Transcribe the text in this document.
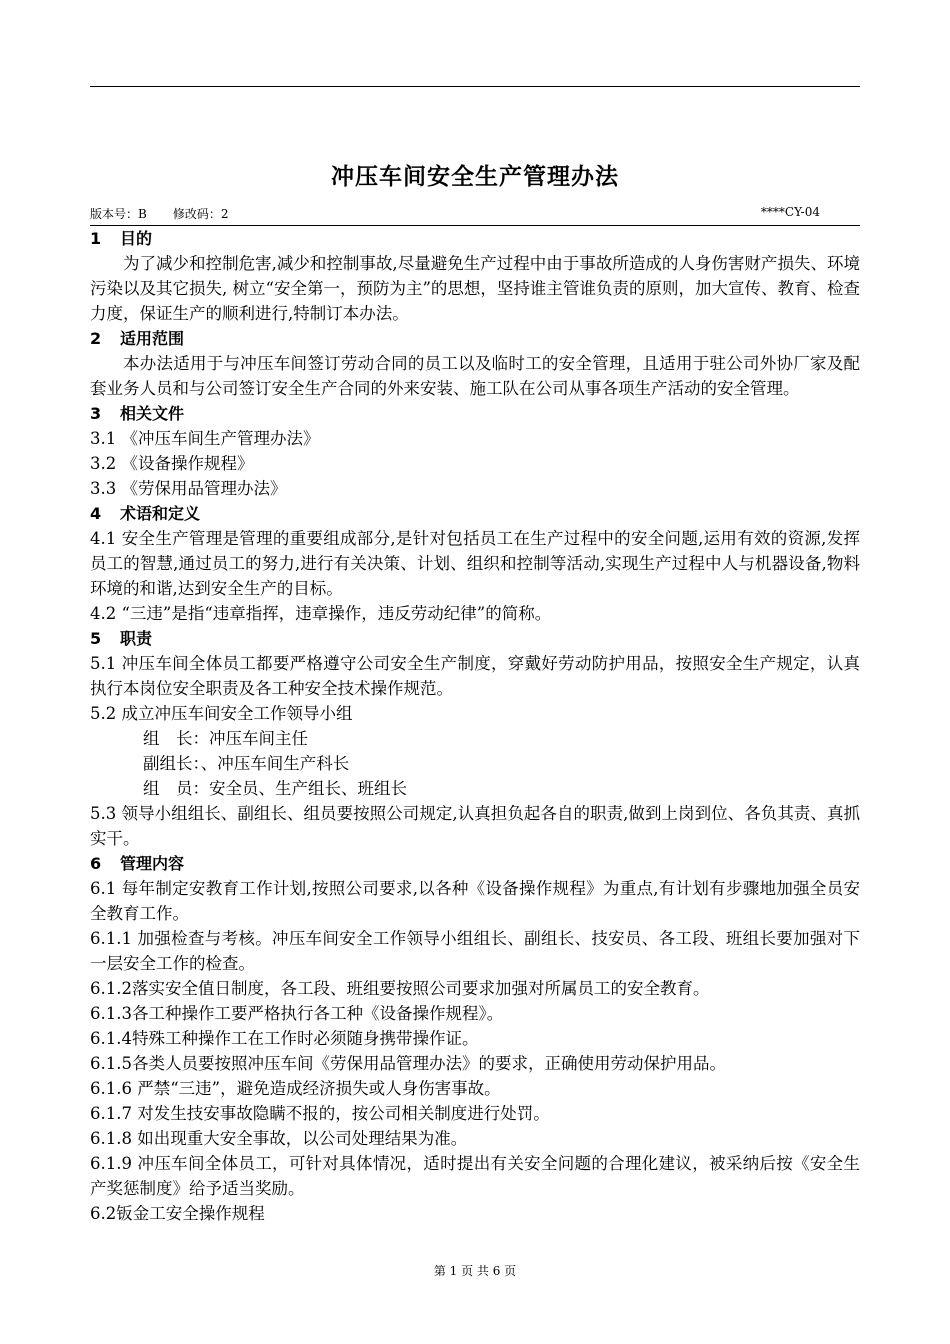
冲压车间安全生产管理办法
版本号：B 修改码：2	****CY-04
1 目的
为了减少和控制危害,减少和控制事故,尽量避免生产过程中由于事故所造成的人身伤害财产损失、环境污染以及其它损失, 树立“安全第一，预防为主”的思想，坚持谁主管谁负责的原则，加大宣传、教育、检查力度，保证生产的顺利进行,特制订本办法。
2 适用范围
本办法适用于与冲压车间签订劳动合同的员工以及临时工的安全管理，且适用于驻公司外协厂家及配套业务人员和与公司签订安全生产合同的外来安装、施工队在公司从事各项生产活动的安全管理。
3 相关文件
3.1 《冲压车间生产管理办法》
3.2 《设备操作规程》
3.3 《劳保用品管理办法》
4 术语和定义
4.1 安全生产管理是管理的重要组成部分,是针对包括员工在生产过程中的安全问题,运用有效的资源,发挥员工的智慧,通过员工的努力,进行有关决策、计划、组织和控制等活动,实现生产过程中人与机器设备,物料环境的和谐,达到安全生产的目标。
4.2 “三违”是指“违章指挥，违章操作，违反劳动纪律”的简称。
5 职责
5.1 冲压车间全体员工都要严格遵守公司安全生产制度，穿戴好劳动防护用品，按照安全生产规定，认真执行本岗位安全职责及各工种安全技术操作规范。
5.2 成立冲压车间安全工作领导小组
组　长：冲压车间主任
副组长：、冲压车间生产科长
组　员：安全员、生产组长、班组长
5.3 领导小组组长、副组长、组员要按照公司规定,认真担负起各自的职责,做到上岗到位、各负其责、真抓实干。
6 管理内容
6.1 每年制定安教育工作计划,按照公司要求,以各种《设备操作规程》为重点,有计划有步骤地加强全员安全教育工作。
6.1.1 加强检查与考核。冲压车间安全工作领导小组组长、副组长、技安员、各工段、班组长要加强对下一层安全工作的检查。
6.1.2落实安全值日制度，各工段、班组要按照公司要求加强对所属员工的安全教育。
6.1.3各工种操作工要严格执行各工种《设备操作规程》。
6.1.4特殊工种操作工在工作时必须随身携带操作证。
6.1.5各类人员要按照冲压车间《劳保用品管理办法》的要求，正确使用劳动保护用品。
6.1.6 严禁“三违”，避免造成经济损失或人身伤害事故。
6.1.7 对发生技安事故隐瞒不报的，按公司相关制度进行处罚。
6.1.8 如出现重大安全事故，以公司处理结果为准。
6.1.9 冲压车间全体员工，可针对具体情况，适时提出有关安全问题的合理化建议，被采纳后按《安全生产奖惩制度》给予适当奖励。
6.2钣金工安全操作规程
第 1 页 共 6 页
